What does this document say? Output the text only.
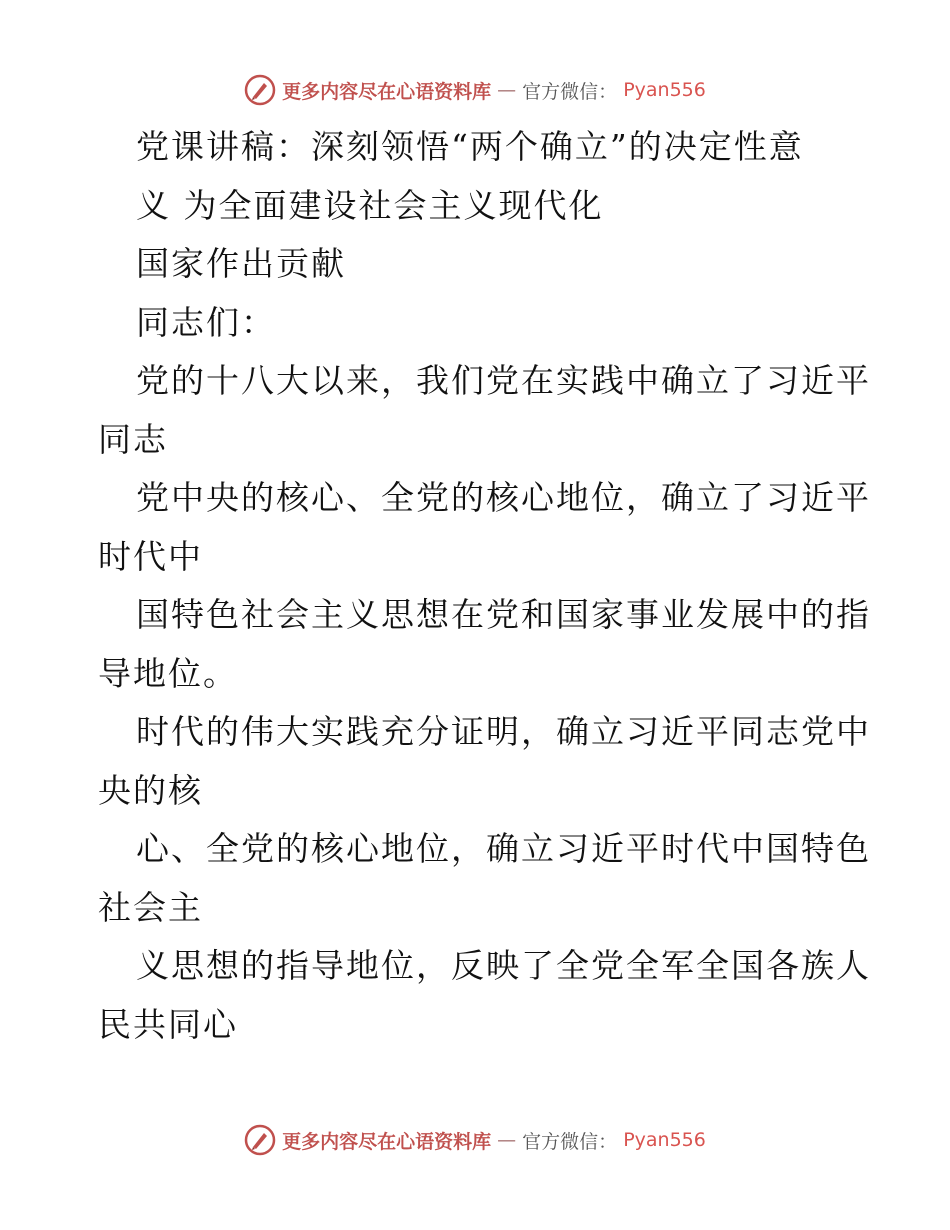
更多内容尽在心语资料库 — 官方微信： Pyan556
党课讲稿：深刻领悟“两个确立”的决定性意
义 为全面建设社会主义现代化
国家作出贡献
同志们：
党的十八大以来，我们党在实践中确立了习近平
同志
党中央的核心、全党的核心地位，确立了习近平
时代中
国特色社会主义思想在党和国家事业发展中的指
导地位。
时代的伟大实践充分证明，确立习近平同志党中
央的核
心、全党的核心地位，确立习近平时代中国特色
社会主
义思想的指导地位，反映了全党全军全国各族人
民共同心
更多内容尽在心语资料库 — 官方微信： Pyan556
